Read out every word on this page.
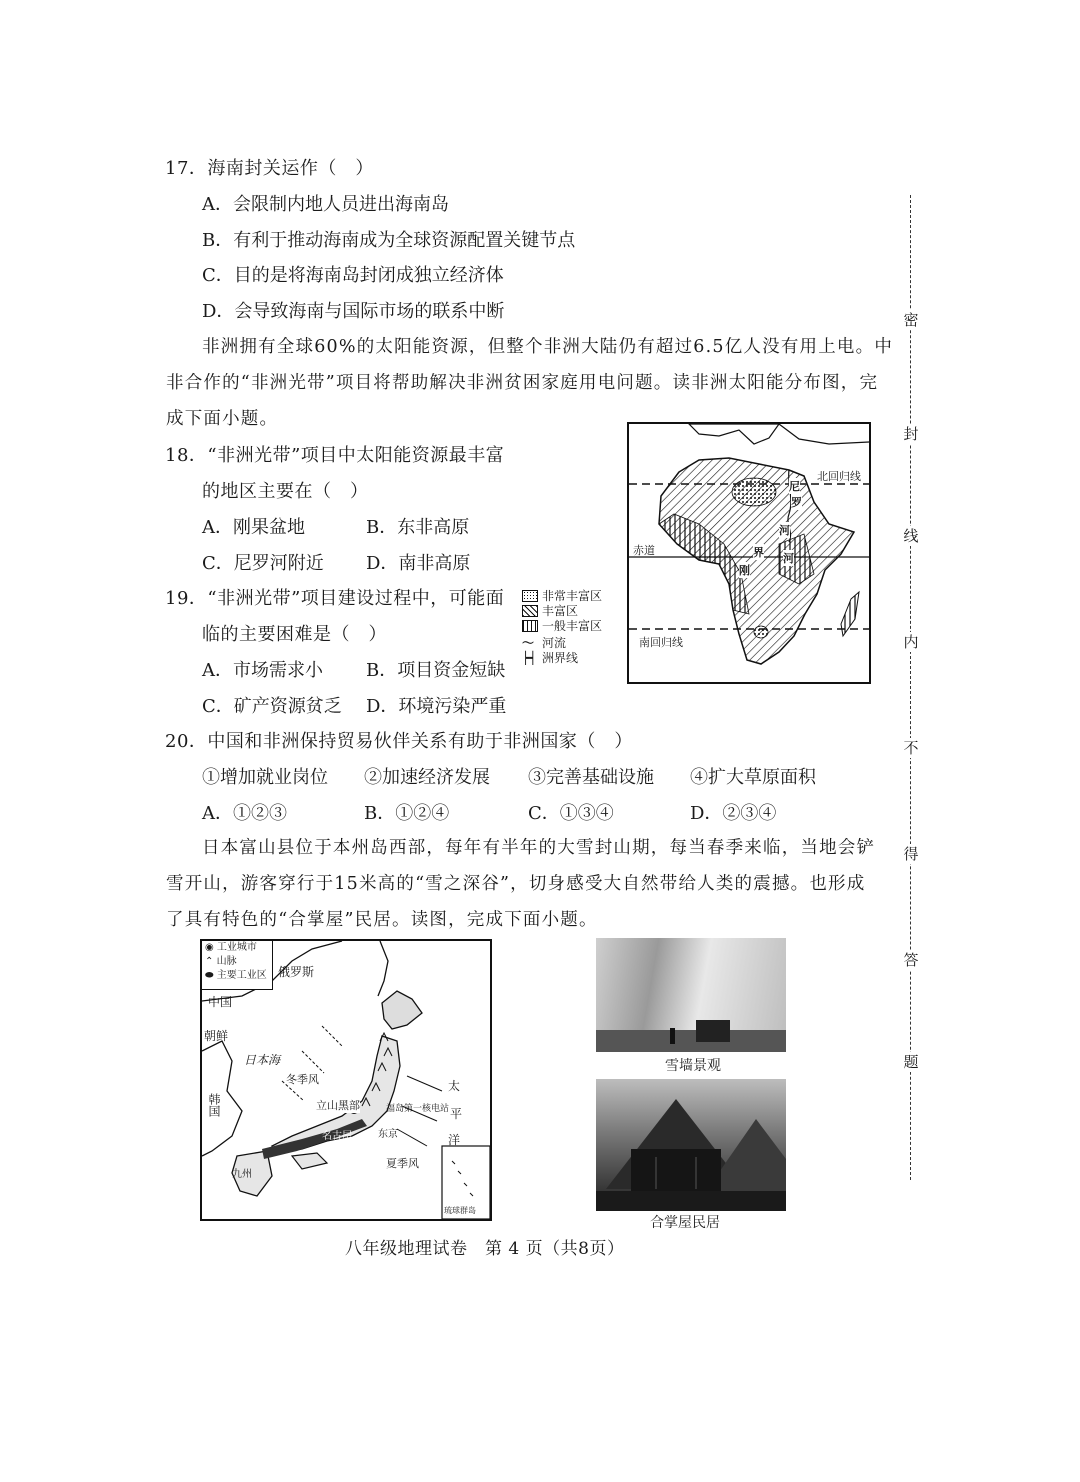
17．海南封关运作（　）
A．会限制内地人员进出海南岛
B．有利于推动海南成为全球资源配置关键节点
C．目的是将海南岛封闭成独立经济体
D．会导致海南与国际市场的联系中断
非洲拥有全球60%的太阳能资源，但整个非洲大陆仍有超过6.5亿人没有用上电。中
非合作的“非洲光带”项目将帮助解决非洲贫困家庭用电问题。读非洲太阳能分布图，完
成下面小题。
18．“非洲光带”项目中太阳能资源最丰富
的地区主要在（　）
A．刚果盆地	B．东非高原
C．尼罗河附近 D．南非高原
19．“非洲光带”项目建设过程中，可能面
临的主要困难是（　）
A．市场需求小 B．项目资金短缺
C．矿产资源贫乏 D．环境污染严重
20．中国和非洲保持贸易伙伴关系有助于非洲国家（　）
①增加就业岗位 ②加速经济发展 ③完善基础设施 ④扩大草原面积
A．①②③	B．①②④	C．①③④	D．②③④
日本富山县位于本州岛西部，每年有半年的大雪封山期，每当春季来临，当地会铲
雪开山，游客穿行于15米高的“雪之深谷”，切身感受大自然带给人类的震撼。也形成
了具有特色的“合掌屋”民居。读图，完成下面小题。
北回归线
赤道
南回归线
尼
罗
河
界
刚
河
非常丰富区
丰富区
一般丰富区
〜 河流
┝┥ 洲界线
◉ 工业城市
⌃ 山脉
⬬ 主要工业区 俄罗斯
中国
朝鲜
韩国
日本海
冬季风
立山黑部	福岛第一核电站
太
平
洋
东京
名古屋
九州
夏季风
琉球群岛
雪墙景观
合掌屋民居
八年级地理试卷　第 4 页（共8页）
密
封
线
内
不
得
答
题
